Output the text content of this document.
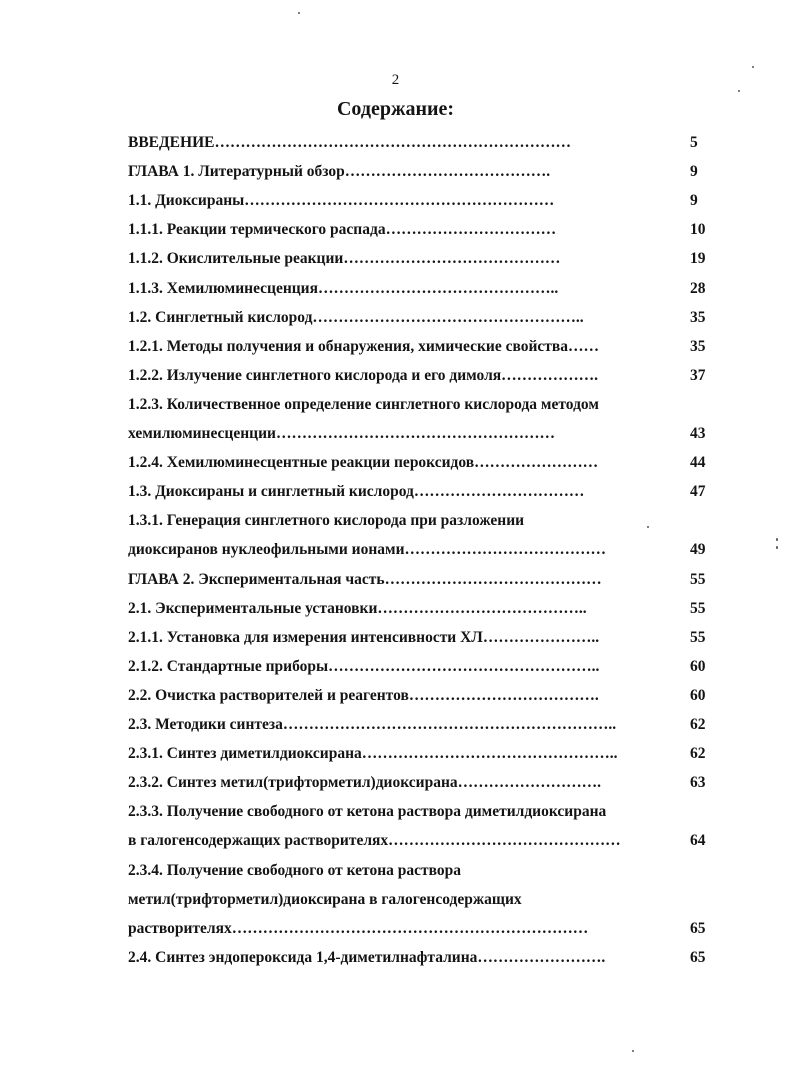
2
Содержание:
ВВЕДЕНИЕ……………………………………………………………	5
ГЛАВА 1. Литературный обзор………………………………….	9
1.1. Диоксираны……………………………………………………	9
1.1.1. Реакции термического распада……………………………	10
1.1.2. Окислительные реакции……………………………………	19
1.1.3. Хемилюминесценция………………………………………..	28
1.2. Синглетный кислород……………………………………………..	35
1.2.1. Методы получения и обнаружения, химические свойства……	35
1.2.2. Излучение синглетного кислорода и его димоля……………….	37
1.2.3. Количественное определение синглетного кислорода методом
хемилюминесценции………………………………………………	43
1.2.4. Хемилюминесцентные реакции пероксидов……………………	44
1.3. Диоксираны и синглетный кислород……………………………	47
1.3.1. Генерация синглетного кислорода при разложении
диоксиранов нуклеофильными ионами…………………………………	49
ГЛАВА 2. Экспериментальная часть……………………………………	55
2.1. Экспериментальные установки…………………………………..	55
2.1.1. Установка для измерения интенсивности ХЛ…………………..	55
2.1.2. Стандартные приборы……………………………………………..	60
2.2. Очистка растворителей и реагентов……………………………….	60
2.3. Методики синтеза………………………………………………………..	62
2.3.1. Синтез диметилдиоксирана…………………………………………..	62
2.3.2. Синтез метил(трифторметил)диоксирана……………………….	63
2.3.3. Получение свободного от кетона раствора диметилдиоксирана
в галогенсодержащих растворителях………………………………………	64
2.3.4. Получение свободного от кетона раствора
метил(трифторметил)диоксирана в галогенсодержащих
растворителях……………………………………………………………	65
2.4. Синтез эндопероксида 1,4-диметилнафталина…………………….	65
